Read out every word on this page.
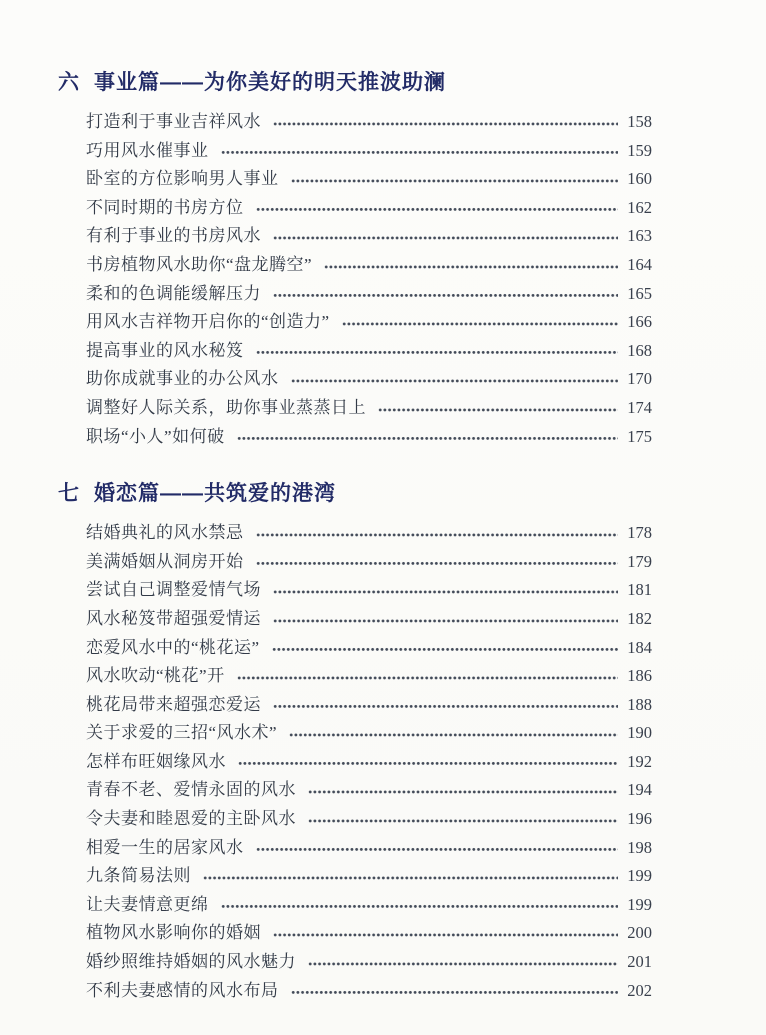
六 事业篇——为你美好的明天推波助澜
打造利于事业吉祥风水	158
巧用风水催事业	159
卧室的方位影响男人事业	160
不同时期的书房方位	162
有利于事业的书房风水	163
书房植物风水助你“盘龙腾空”	164
柔和的色调能缓解压力	165
用风水吉祥物开启你的“创造力”	166
提高事业的风水秘笈	168
助你成就事业的办公风水	170
调整好人际关系，助你事业蒸蒸日上	174
职场“小人”如何破	175
七 婚恋篇——共筑爱的港湾
结婚典礼的风水禁忌	178
美满婚姻从洞房开始	179
尝试自己调整爱情气场	181
风水秘笈带超强爱情运	182
恋爱风水中的“桃花运”	184
风水吹动“桃花”开	186
桃花局带来超强恋爱运	188
关于求爱的三招“风水术”	190
怎样布旺姻缘风水	192
青春不老、爱情永固的风水	194
令夫妻和睦恩爱的主卧风水	196
相爱一生的居家风水	198
九条简易法则	199
让夫妻情意更绵	199
植物风水影响你的婚姻	200
婚纱照维持婚姻的风水魅力	201
不利夫妻感情的风水布局	202
